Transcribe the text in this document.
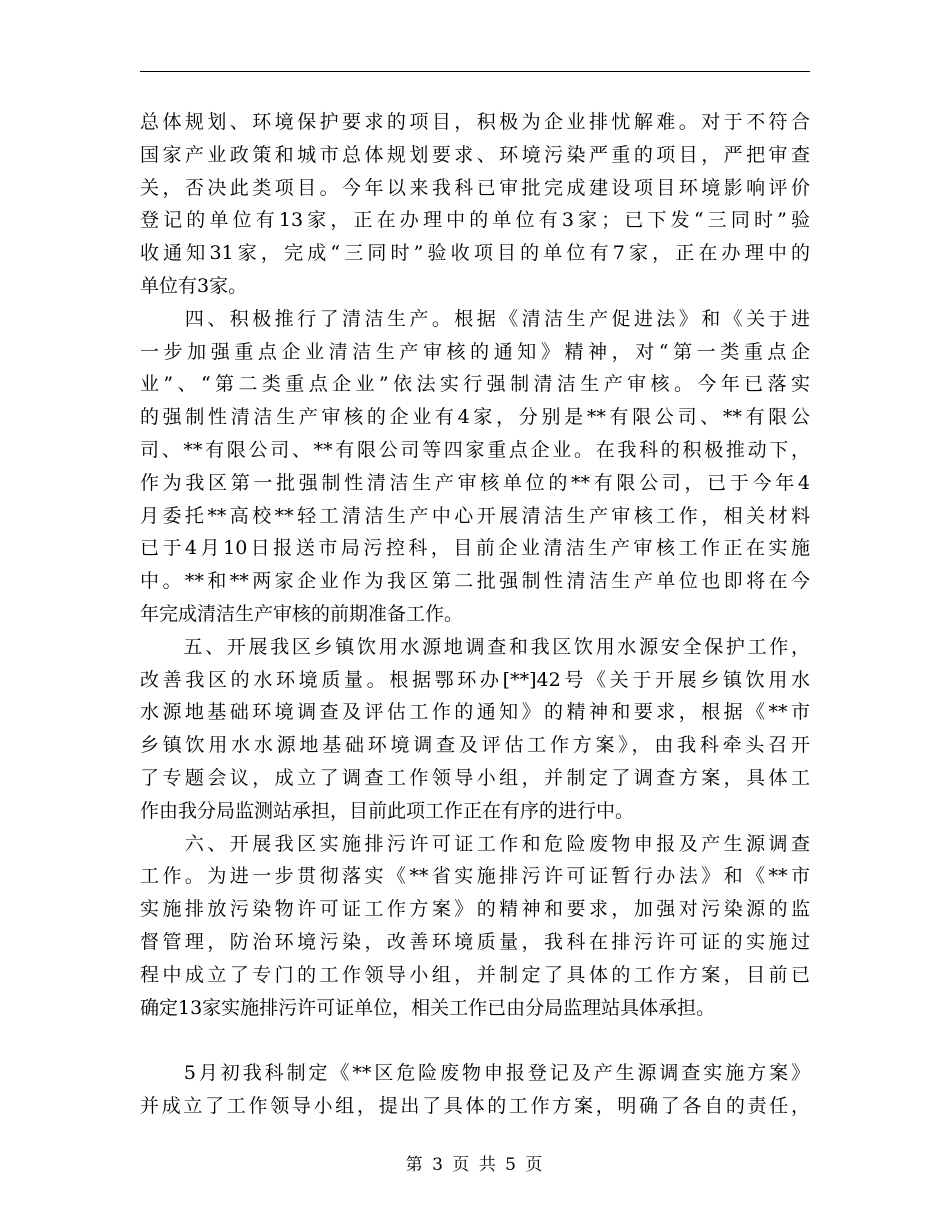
总体规划、环境保护要求的项目，积极为企业排忧解难。对于不符合
国家产业政策和城市总体规划要求、环境污染严重的项目，严把审查
关，否决此类项目。今年以来我科已审批完成建设项目环境影响评价
登记的单位有13家，正在办理中的单位有3家；已下发“三同时”验
收通知31家，完成“三同时”验收项目的单位有7家，正在办理中的
单位有3家。

　　四、积极推行了清洁生产。根据《清洁生产促进法》和《关于进
一步加强重点企业清洁生产审核的通知》精神，对“第一类重点企
业”、“第二类重点企业”依法实行强制清洁生产审核。今年已落实
的强制性清洁生产审核的企业有4家，分别是**有限公司、**有限公
司、**有限公司、**有限公司等四家重点企业。在我科的积极推动下，
作为我区第一批强制性清洁生产审核单位的**有限公司，已于今年4
月委托**高校**轻工清洁生产中心开展清洁生产审核工作，相关材料
已于4月10日报送市局污控科，目前企业清洁生产审核工作正在实施
中。**和**两家企业作为我区第二批强制性清洁生产单位也即将在今
年完成清洁生产审核的前期准备工作。

　　五、开展我区乡镇饮用水源地调查和我区饮用水源安全保护工作，
改善我区的水环境质量。根据鄂环办[**]42号《关于开展乡镇饮用水
水源地基础环境调查及评估工作的通知》的精神和要求，根据《**市
乡镇饮用水水源地基础环境调查及评估工作方案》，由我科牵头召开
了专题会议，成立了调查工作领导小组，并制定了调查方案，具体工
作由我分局监测站承担，目前此项工作正在有序的进行中。

　　六、开展我区实施排污许可证工作和危险废物申报及产生源调查
工作。为进一步贯彻落实《**省实施排污许可证暂行办法》和《**市
实施排放污染物许可证工作方案》的精神和要求，加强对污染源的监
督管理，防治环境污染，改善环境质量，我科在排污许可证的实施过
程中成立了专门的工作领导小组，并制定了具体的工作方案，目前已
确定13家实施排污许可证单位，相关工作已由分局监理站具体承担。

　　5月初我科制定《**区危险废物申报登记及产生源调查实施方案》
并成立了工作领导小组，提出了具体的工作方案，明确了各自的责任，

第 3 页 共 5 页
